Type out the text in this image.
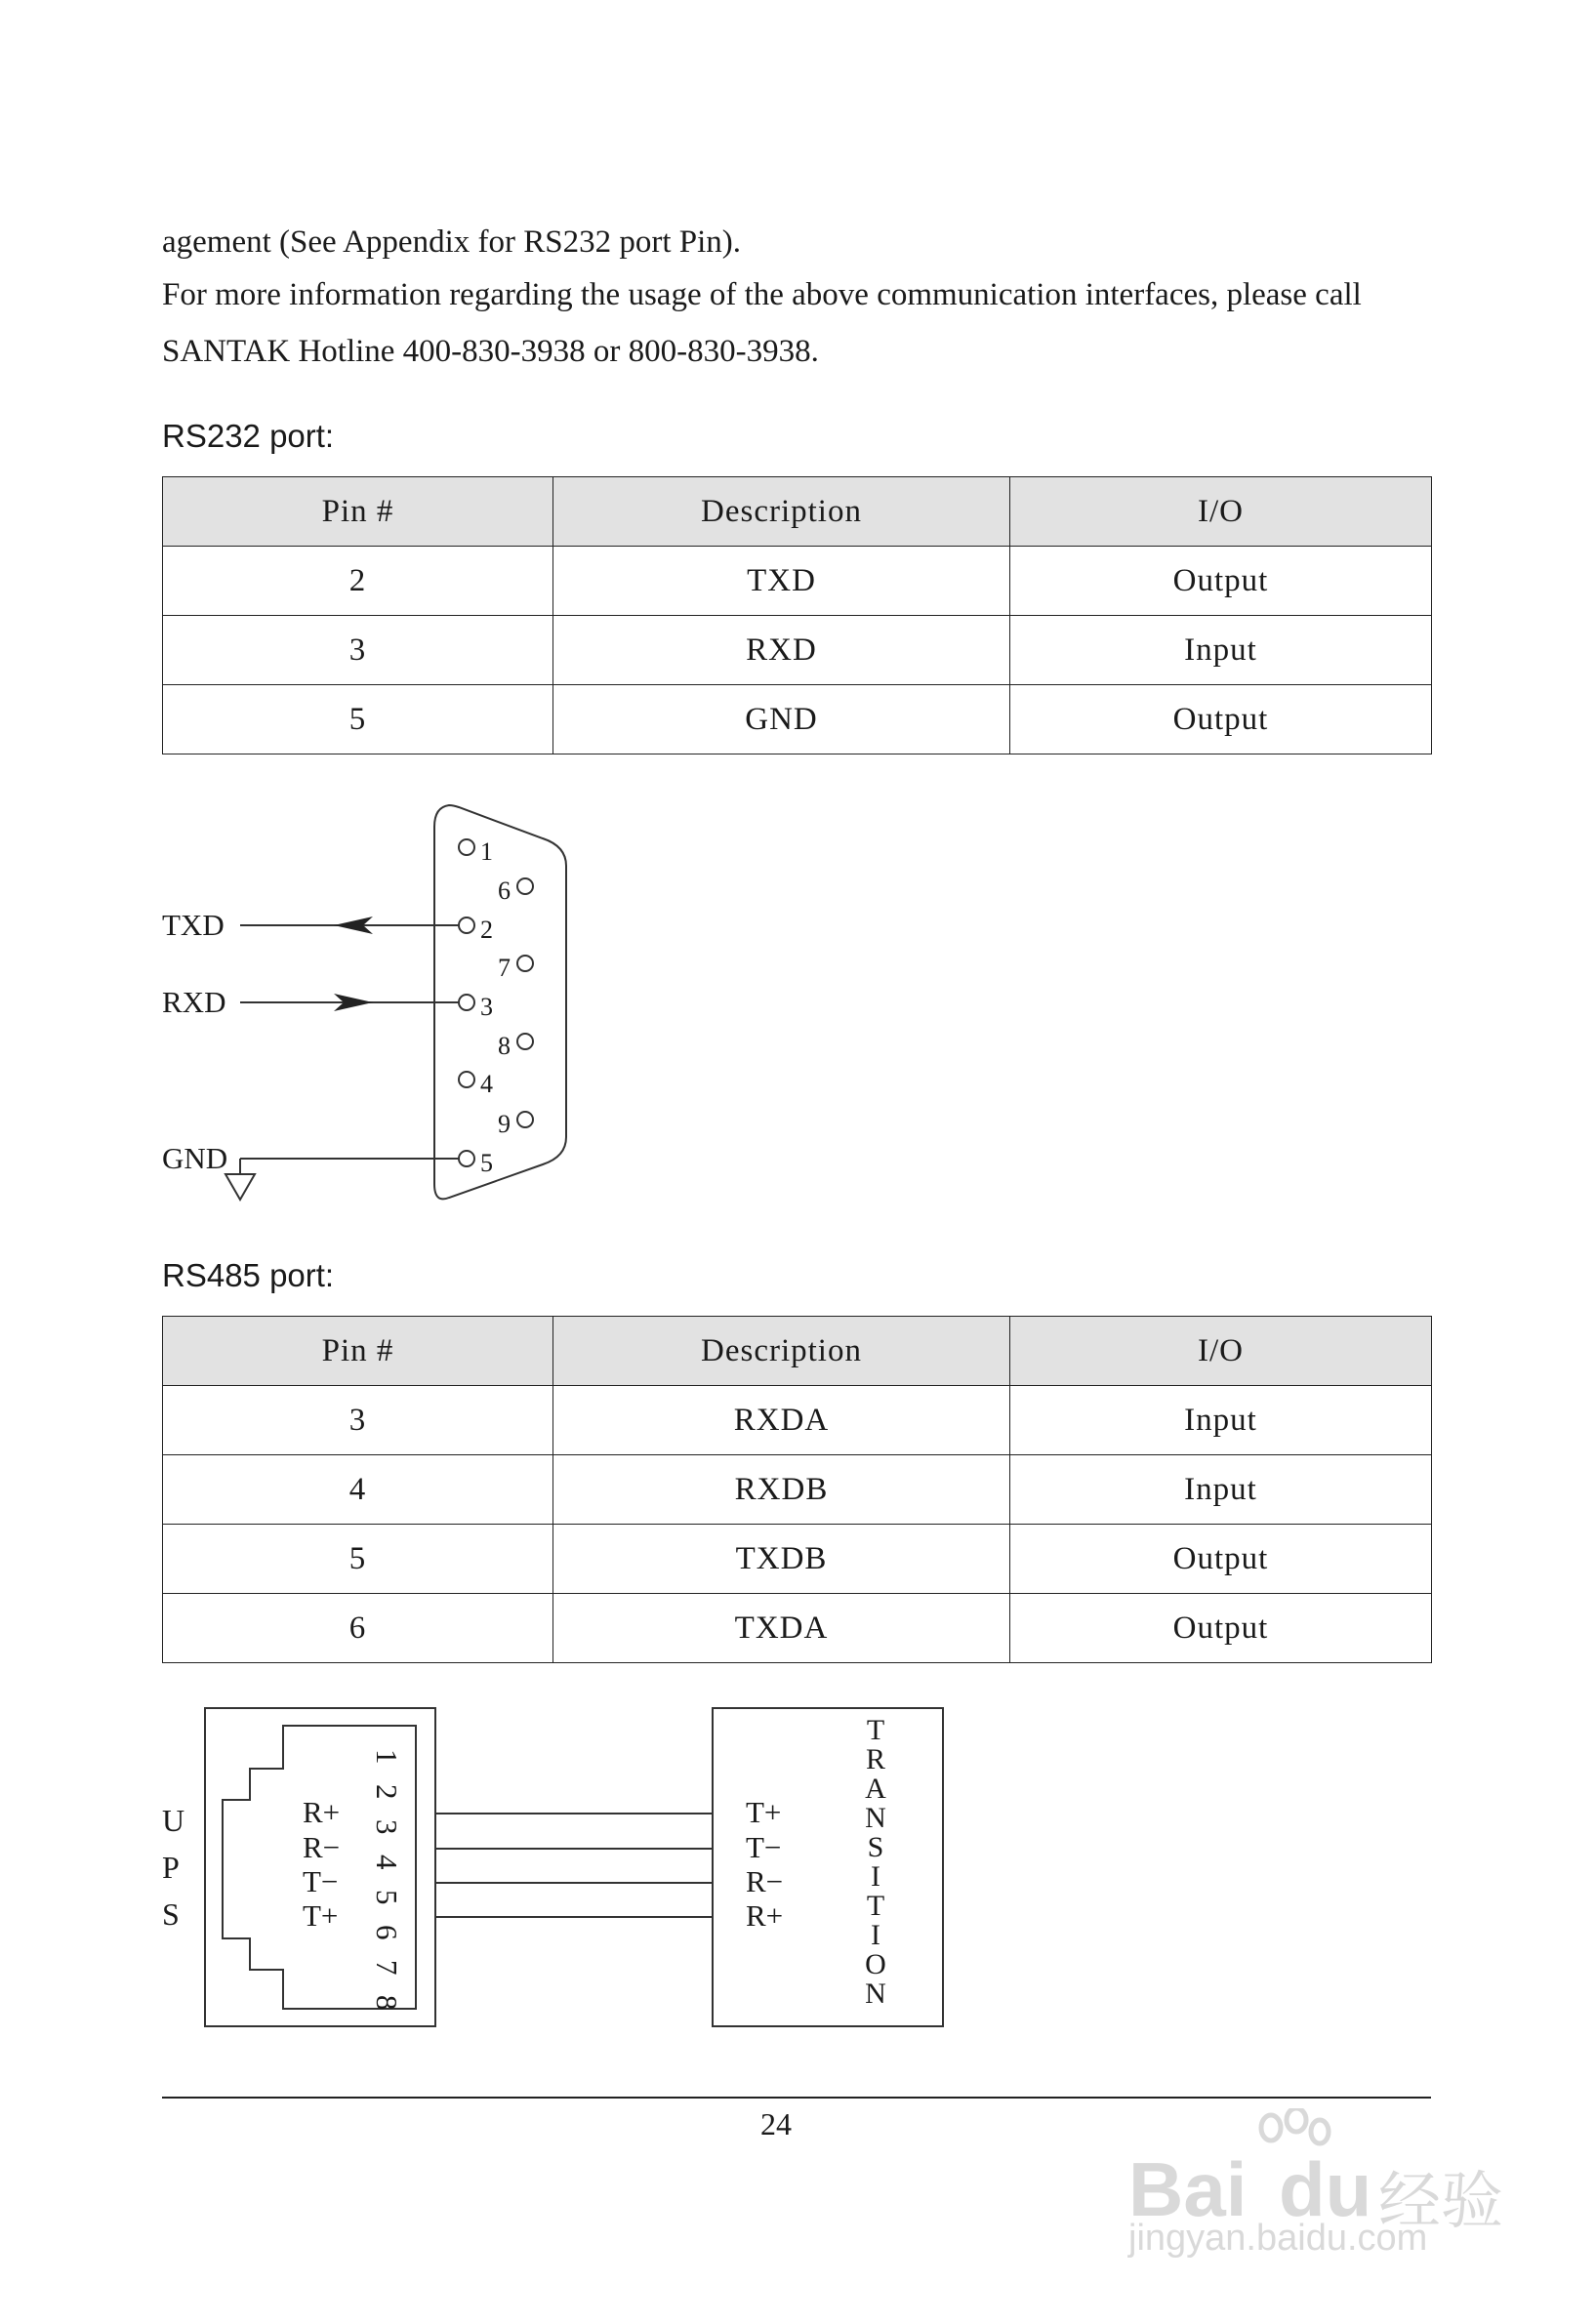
agement (See Appendix for RS232 port Pin).
For more information regarding the usage of the above communication interfaces, please call
SANTAK Hotline 400-830-3938 or 800-830-3938.
RS232 port:
Pin #	Description	I/O
2	TXD	Output
3	RXD	Input
5	GND	Output
1
2
3
4
5
6
7
8
9
TXD
RXD
GND
RS485 port:
Pin #	Description	I/O
3	RXDA	Input
4	RXDB	Input
5	TXDB	Output
6	TXDA	Output
U
P
S
1
2
3
4
5
6
7
8
R+
R−
T−
T+
T+
T−
R−
R+
T
R
A
N
S
I
T
I
O
N
24
Bai du 经验
jingyan.baidu.com
